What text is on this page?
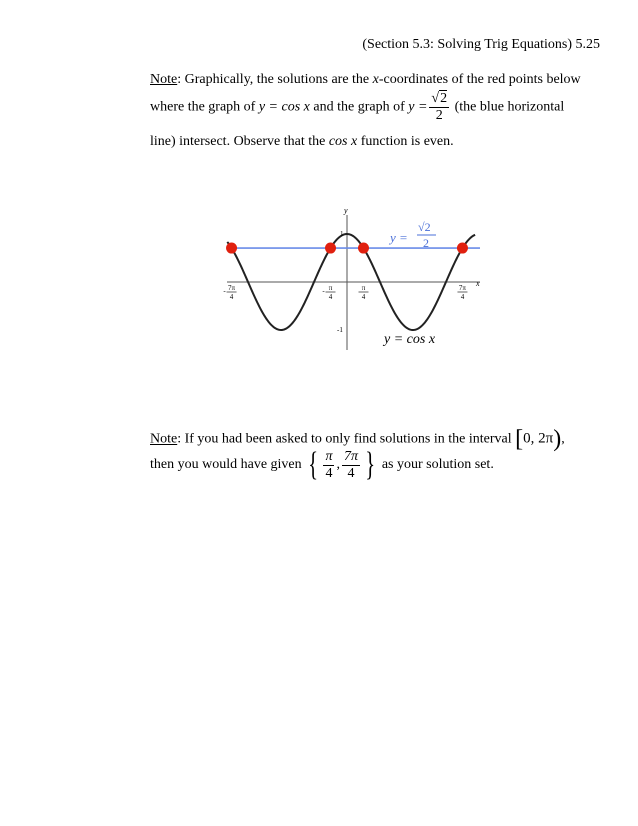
(Section 5.3: Solving Trig Equations) 5.25
Note: Graphically, the solutions are the x-coordinates of the red points below
where the graph of y = cos x and the graph of $y = \frac{√2}{2} (the$ blue horizontal
line) intersect. Observe that the cos x function is even.
y
x
1
-1
- 7π
4
- π
4
π
4
7π
4
y =
√2
2
y = cos x
Note: If you had been asked to only find solutions in the interval [0, 2π),
then you would have given { $\frac{\pi}{4}$ , $\frac{7\pi}{4}$ } as your solution set.
